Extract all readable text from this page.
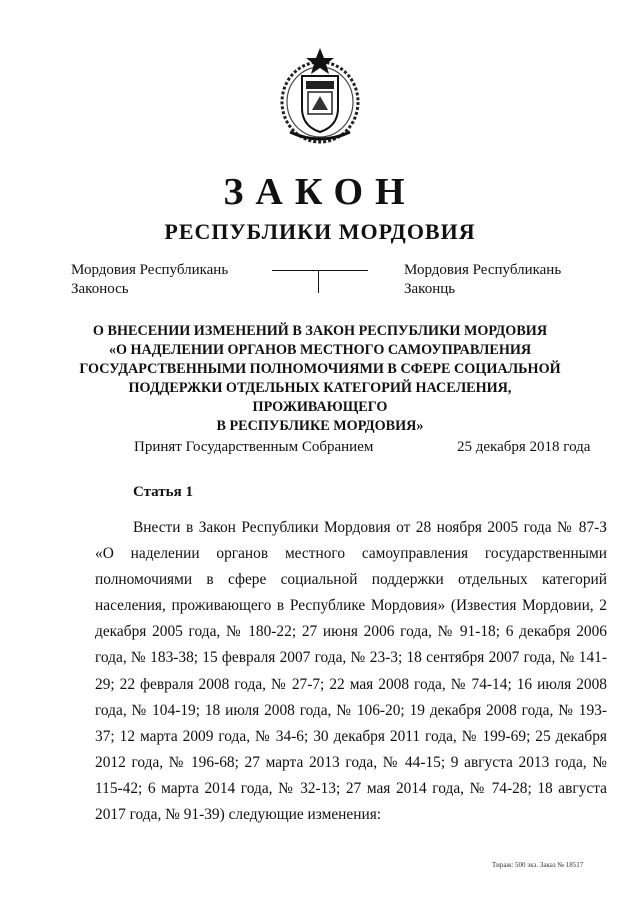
ЗАКОН
РЕСПУБЛИКИ МОРДОВИЯ
Мордовия Республикань
Законось
Мордовия Республикань
Законць
О ВНЕСЕНИИ ИЗМЕНЕНИЙ В ЗАКОН РЕСПУБЛИКИ МОРДОВИЯ
«О НАДЕЛЕНИИ ОРГАНОВ МЕСТНОГО САМОУПРАВЛЕНИЯ
ГОСУДАРСТВЕННЫМИ ПОЛНОМОЧИЯМИ В СФЕРЕ СОЦИАЛЬНОЙ
ПОДДЕРЖКИ ОТДЕЛЬНЫХ КАТЕГОРИЙ НАСЕЛЕНИЯ, ПРОЖИВАЮЩЕГО
В РЕСПУБЛИКЕ МОРДОВИЯ»
Принят Государственным Собранием	25 декабря 2018 года
Статья 1
Внести в Закон Республики Мордовия от 28 ноября 2005 года № 87-З «О наделении органов местного самоуправления государственными полномочиями в сфере социальной поддержки отдельных категорий населения, проживающего в Республике Мордовия» (Известия Мордовии, 2 декабря 2005 года, № 180-22; 27 июня 2006 года, № 91-18; 6 декабря 2006 года, № 183-38; 15 февраля 2007 года, № 23-3; 18 сентября 2007 года, № 141-29; 22 февраля 2008 года, № 27-7; 22 мая 2008 года, № 74-14; 16 июля 2008 года, № 104-19; 18 июля 2008 года, № 106-20; 19 декабря 2008 года, № 193-37; 12 марта 2009 года, № 34-6; 30 декабря 2011 года, № 199-69; 25 декабря 2012 года, № 196-68; 27 марта 2013 года, № 44-15; 9 августа 2013 года, № 115-42; 6 марта 2014 года, № 32-13; 27 мая 2014 года, № 74-28; 18 августа 2017 года, № 91-39) следующие изменения:
Тираж: 500 экз. Заказ № 18517
